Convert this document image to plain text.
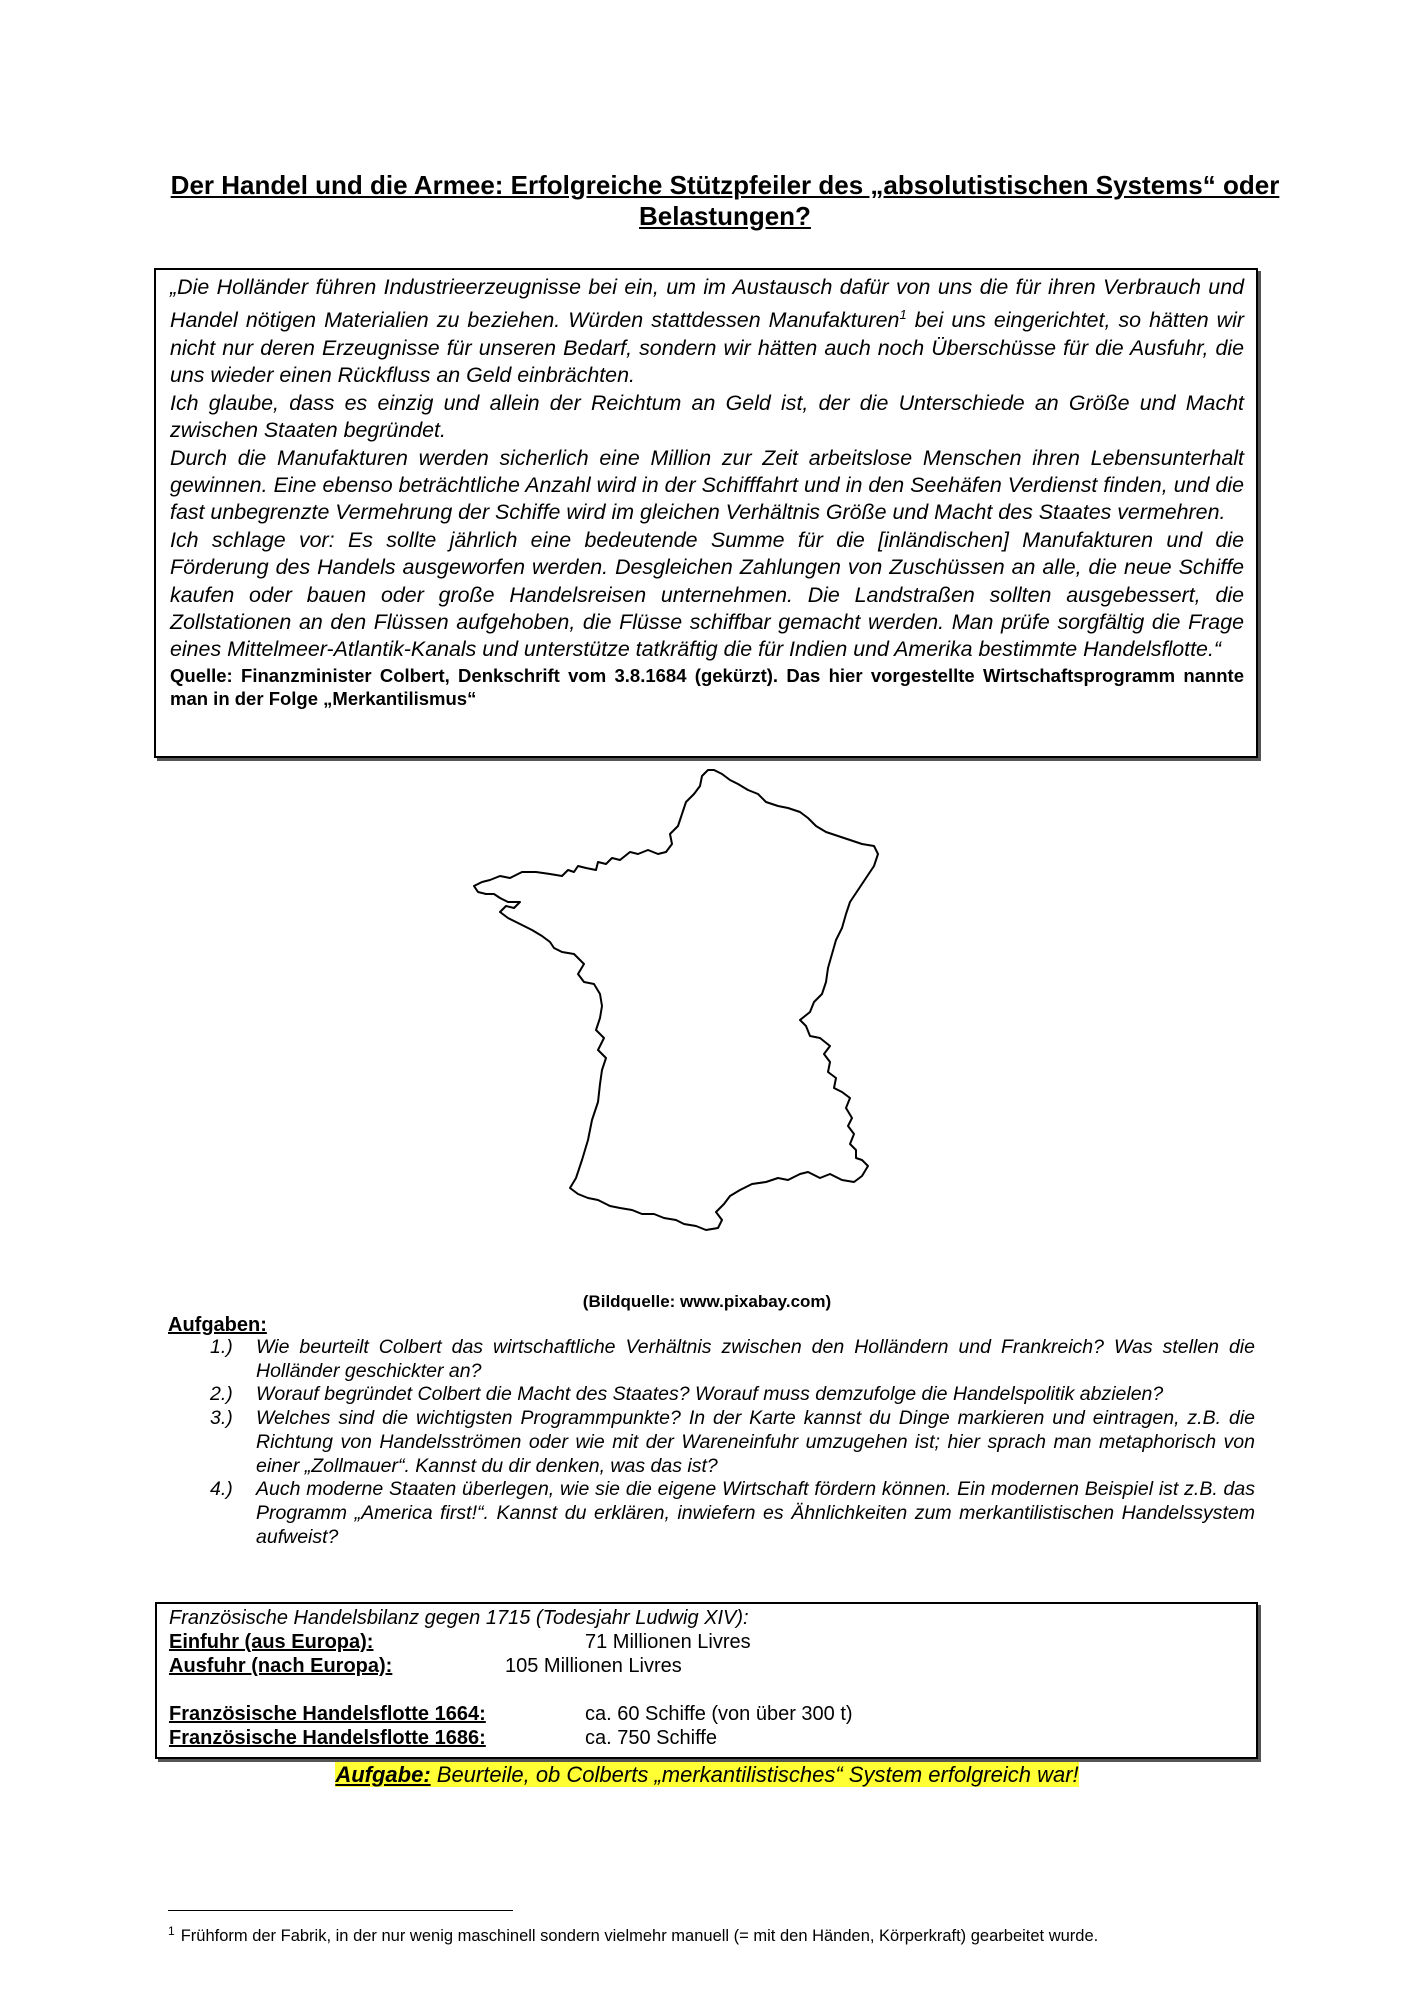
Der Handel und die Armee: Erfolgreiche Stützpfeiler des „absolutistischen Systems“ oder Belastungen?

„Die Holländer führen Industrieerzeugnisse bei ein, um im Austausch dafür von uns die für ihren Verbrauch und Handel nötigen Materialien zu beziehen. Würden stattdessen Manufakturen$^1$ bei uns eingerichtet, so hätten wir nicht nur deren Erzeugnisse für unseren Bedarf, sondern wir hätten auch noch Überschüsse für die Ausfuhr, die uns wieder einen Rückfluss an Geld einbrächten.

Ich glaube, dass es einzig und allein der Reichtum an Geld ist, der die Unterschiede an Größe und Macht zwischen Staaten begründet.

Durch die Manufakturen werden sicherlich eine Million zur Zeit arbeitslose Menschen ihren Lebensunterhalt gewinnen. Eine ebenso beträchtliche Anzahl wird in der Schifffahrt und in den Seehäfen Verdienst finden, und die fast unbegrenzte Vermehrung der Schiffe wird im gleichen Verhältnis Größe und Macht des Staates vermehren.

Ich schlage vor: Es sollte jährlich eine bedeutende Summe für die [inländischen] Manufakturen und die Förderung des Handels ausgeworfen werden. Desgleichen Zahlungen von Zuschüssen an alle, die neue Schiffe kaufen oder bauen oder große Handelsreisen unternehmen. Die Landstraßen sollten ausgebessert, die Zollstationen an den Flüssen aufgehoben, die Flüsse schiffbar gemacht werden. Man prüfe sorgfältig die Frage eines Mittelmeer-Atlantik-Kanals und unterstütze tatkräftig die für Indien und Amerika bestimmte Handelsflotte.“

Quelle: Finanzminister Colbert, Denkschrift vom 3.8.1684 (gekürzt). Das hier vorgestellte Wirtschaftsprogramm nannte man in der Folge „Merkantilismus“
(Bildquelle: www.pixabay.com)
Aufgaben:
1.)	Wie beurteilt Colbert das wirtschaftliche Verhältnis zwischen den Holländern und Frankreich? Was stellen die Holländer geschickter an?
2.)	Worauf begründet Colbert die Macht des Staates? Worauf muss demzufolge die Handelspolitik abzielen?
3.)	Welches sind die wichtigsten Programmpunkte? In der Karte kannst du Dinge markieren und eintragen, z.B. die Richtung von Handelsströmen oder wie mit der Wareneinfuhr umzugehen ist; hier sprach man metaphorisch von einer „Zollmauer“. Kannst du dir denken, was das ist?
4.)	Auch moderne Staaten überlegen, wie sie die eigene Wirtschaft fördern können. Ein modernen Beispiel ist z.B. das Programm „America first!“. Kannst du erklären, inwiefern es Ähnlichkeiten zum merkantilistischen Handelssystem aufweist?
Französische Handelsbilanz gegen 1715 (Todesjahr Ludwig XIV):
Einfuhr (aus Europa):	71 Millionen Livres
Ausfuhr (nach Europa):	105 Millionen Livres
Französische Handelsflotte 1664:	ca. 60 Schiffe (von über 300 t)
Französische Handelsflotte 1686:	ca. 750 Schiffe
Aufgabe: Beurteile, ob Colberts „merkantilistisches“ System erfolgreich war!
$^1$ Frühform der Fabrik, in der nur wenig maschinell sondern vielmehr manuell (= mit den Händen, Körperkraft) gearbeitet wurde.
